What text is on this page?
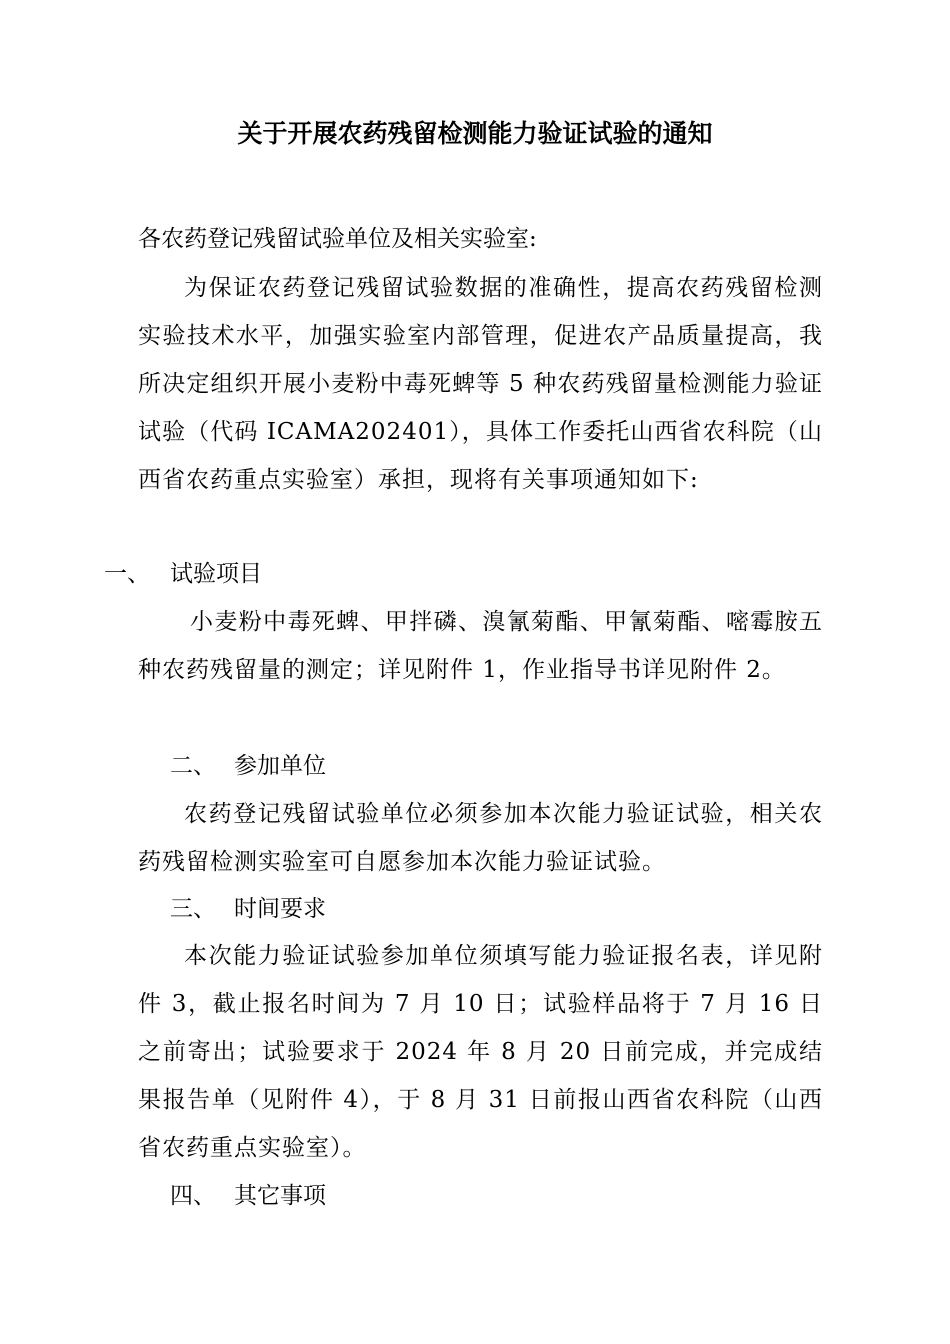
关于开展农药残留检测能力验证试验的通知
各农药登记残留试验单位及相关实验室:
为保证农药登记残留试验数据的准确性，提高农药残留检测实验技术水平，加强实验室内部管理，促进农产品质量提高，我所决定组织开展小麦粉中毒死蜱等 5 种农药残留量检测能力验证试验（代码 ICAMA202401），具体工作委托山西省农科院（山西省农药重点实验室）承担，现将有关事项通知如下:
一、 试验项目
小麦粉中毒死蜱、甲拌磷、溴氰菊酯、甲氰菊酯、嘧霉胺五种农药残留量的测定；详见附件 1，作业指导书详见附件 2。
二、 参加单位
农药登记残留试验单位必须参加本次能力验证试验，相关农药残留检测实验室可自愿参加本次能力验证试验。
三、 时间要求
本次能力验证试验参加单位须填写能力验证报名表，详见附件 3，截止报名时间为 7 月 10 日；试验样品将于 7 月 16 日之前寄出；试验要求于 2024 年 8 月 20 日前完成，并完成结果报告单（见附件 4），于 8 月 31 日前报山西省农科院（山西省农药重点实验室）。
四、 其它事项
